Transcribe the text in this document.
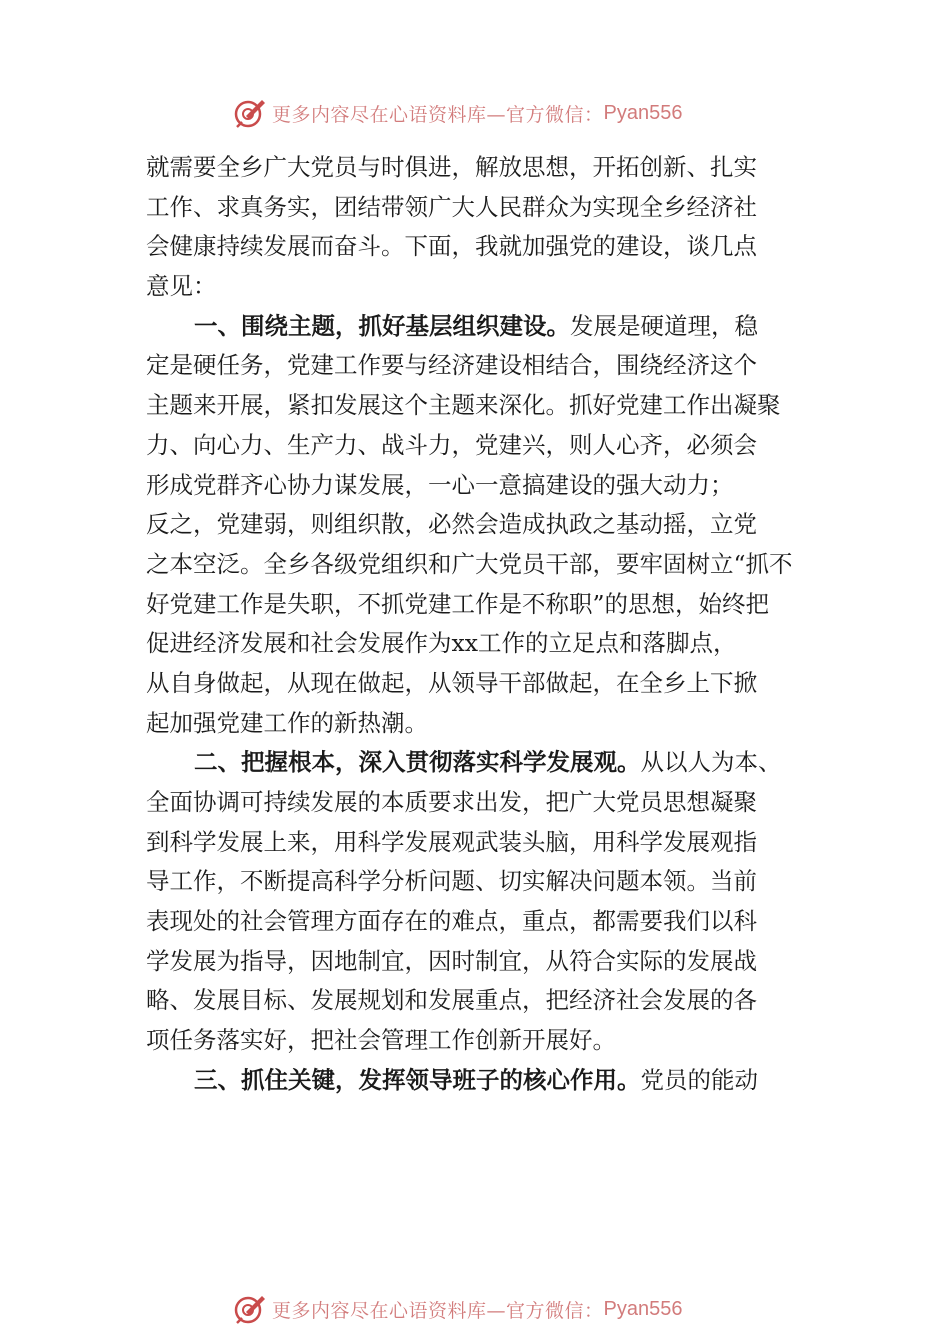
更多内容尽在心语资料库—官方微信： Pyan556
就需要全乡广大党员与时俱进，解放思想，开拓创新、扎实
工作、求真务实，团结带领广大人民群众为实现全乡经济社
会健康持续发展而奋斗。下面，我就加强党的建设，谈几点
意见：
一、围绕主题，抓好基层组织建设。发展是硬道理，稳
定是硬任务，党建工作要与经济建设相结合，围绕经济这个
主题来开展，紧扣发展这个主题来深化。抓好党建工作出凝聚
力、向心力、生产力、战斗力，党建兴，则人心齐，必须会
形成党群齐心协力谋发展，一心一意搞建设的强大动力；
反之，党建弱，则组织散，必然会造成执政之基动摇，立党
之本空泛。全乡各级党组织和广大党员干部，要牢固树立“抓不
好党建工作是失职，不抓党建工作是不称职”的思想，始终把
促进经济发展和社会发展作为xx工作的立足点和落脚点，
从自身做起，从现在做起，从领导干部做起，在全乡上下掀
起加强党建工作的新热潮。
二、把握根本，深入贯彻落实科学发展观。从以人为本、
全面协调可持续发展的本质要求出发，把广大党员思想凝聚
到科学发展上来，用科学发展观武装头脑，用科学发展观指
导工作，不断提高科学分析问题、切实解决问题本领。当前
表现处的社会管理方面存在的难点，重点，都需要我们以科
学发展为指导，因地制宜，因时制宜，从符合实际的发展战
略、发展目标、发展规划和发展重点，把经济社会发展的各
项任务落实好，把社会管理工作创新开展好。
三、抓住关键，发挥领导班子的核心作用。党员的能动
更多内容尽在心语资料库—官方微信： Pyan556
